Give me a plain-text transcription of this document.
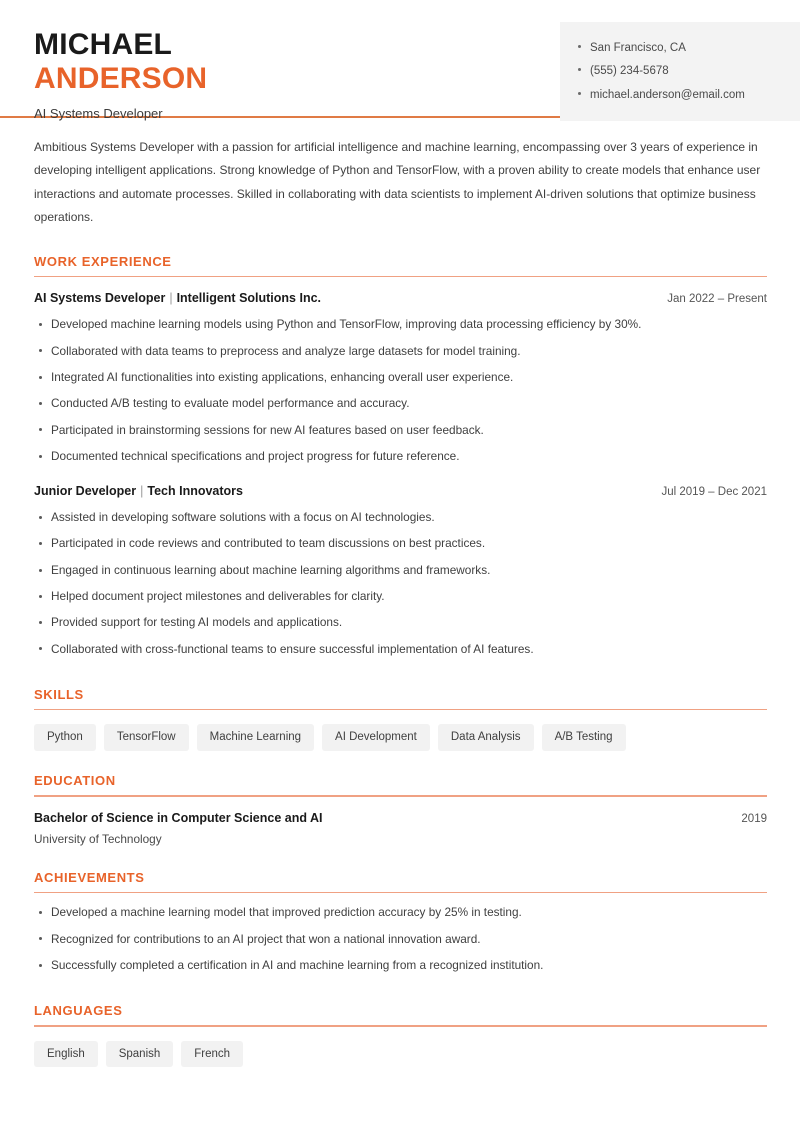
MICHAEL
ANDERSON
AI Systems Developer
San Francisco, CA
(555) 234-5678
michael.anderson@email.com
Ambitious Systems Developer with a passion for artificial intelligence and machine learning, encompassing over 3 years of experience in developing intelligent applications. Strong knowledge of Python and TensorFlow, with a proven ability to create models that enhance user interactions and automate processes. Skilled in collaborating with data scientists to implement AI-driven solutions that optimize business operations.
WORK EXPERIENCE
AI Systems Developer | Intelligent Solutions Inc.	Jan 2022 – Present
Developed machine learning models using Python and TensorFlow, improving data processing efficiency by 30%.
Collaborated with data teams to preprocess and analyze large datasets for model training.
Integrated AI functionalities into existing applications, enhancing overall user experience.
Conducted A/B testing to evaluate model performance and accuracy.
Participated in brainstorming sessions for new AI features based on user feedback.
Documented technical specifications and project progress for future reference.
Junior Developer | Tech Innovators	Jul 2019 – Dec 2021
Assisted in developing software solutions with a focus on AI technologies.
Participated in code reviews and contributed to team discussions on best practices.
Engaged in continuous learning about machine learning algorithms and frameworks.
Helped document project milestones and deliverables for clarity.
Provided support for testing AI models and applications.
Collaborated with cross-functional teams to ensure successful implementation of AI features.
SKILLS
Python	TensorFlow	Machine Learning	AI Development	Data Analysis	A/B Testing
EDUCATION
Bachelor of Science in Computer Science and AI	2019
University of Technology
ACHIEVEMENTS
Developed a machine learning model that improved prediction accuracy by 25% in testing.
Recognized for contributions to an AI project that won a national innovation award.
Successfully completed a certification in AI and machine learning from a recognized institution.
LANGUAGES
English	Spanish	French
